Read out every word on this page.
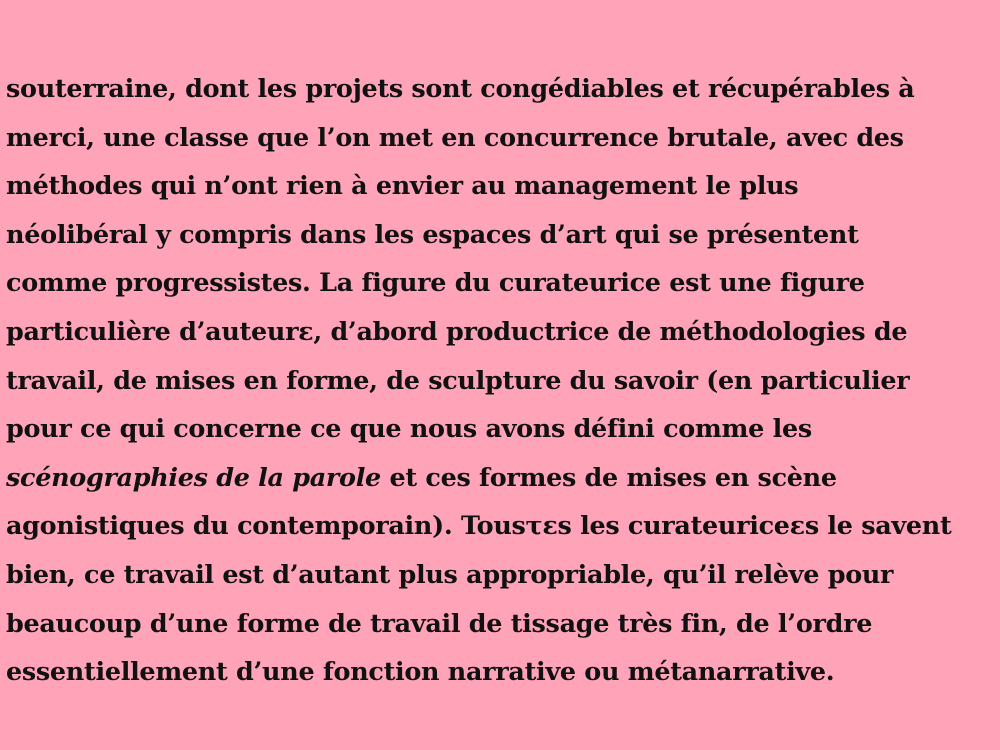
souterraine, dont les projets sont congédiables et récupérables à
merci, une classe que l’on met en concurrence brutale, avec des
méthodes qui n’ont rien à envier au management le plus
néolibéral y compris dans les espaces d’art qui se présentent
comme progressistes. La figure du curateurice est une figure
particulière d’auteurε, d’abord productrice de méthodologies de
travail, de mises en forme, de sculpture du savoir (en particulier
pour ce qui concerne ce que nous avons défini comme les
scénographies de la parole et ces formes de mises en scène
agonistiques du contemporain). Tousτεs les curateuriceεs le savent
bien, ce travail est d’autant plus appropriable, qu’il relève pour
beaucoup d’une forme de travail de tissage très fin, de l’ordre
essentiellement d’une fonction narrative ou métanarrative.
